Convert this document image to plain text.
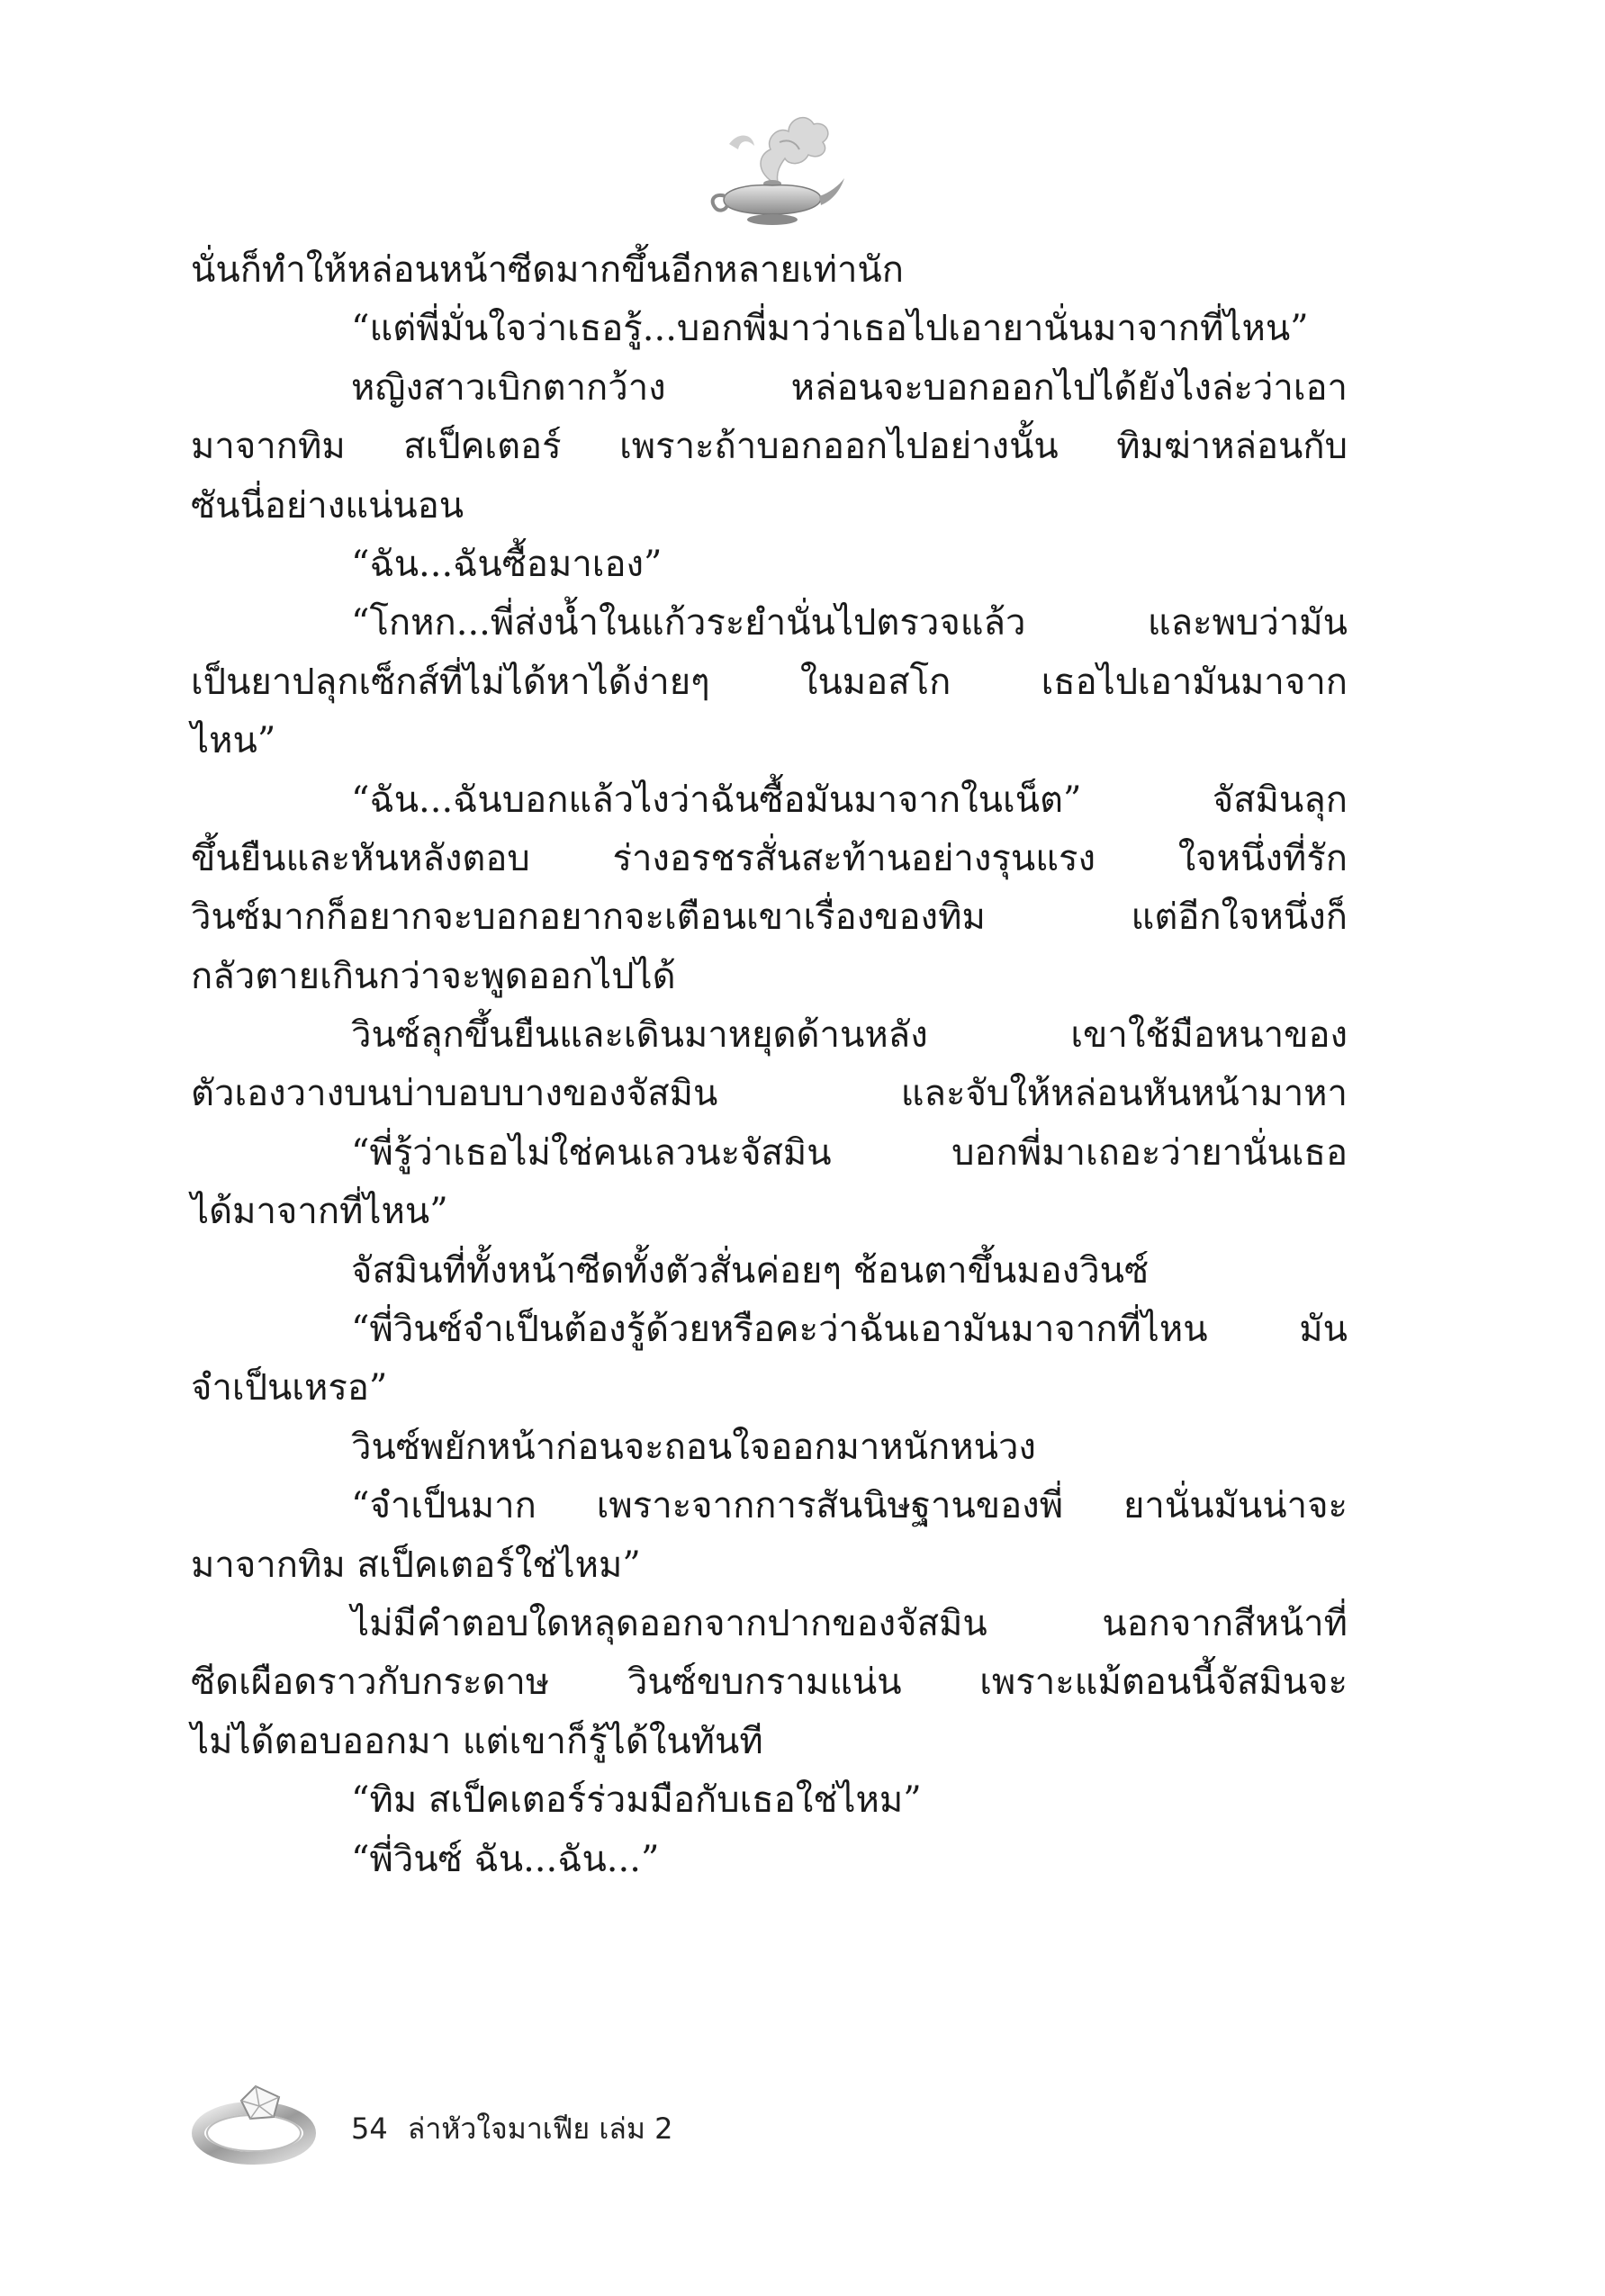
นั่นก็ทำให้หล่อนหน้าซีดมากขึ้นอีกหลายเท่านัก
“แต่พี่มั่นใจว่าเธอรู้...บอกพี่มาว่าเธอไปเอายานั่นมาจากที่ไหน”
หญิงสาวเบิกตากว้าง หล่อนจะบอกออกไปได้ยังไงล่ะว่าเอา
มาจากทิม สเป็คเตอร์ เพราะถ้าบอกออกไปอย่างนั้น ทิมฆ่าหล่อนกับ
ซันนี่อย่างแน่นอน
“ฉัน...ฉันซื้อมาเอง”
“โกหก...พี่ส่งน้ำในแก้วระยำนั่นไปตรวจแล้ว และพบว่ามัน
เป็นยาปลุกเซ็กส์ที่ไม่ได้หาได้ง่ายๆ ในมอสโก เธอไปเอามันมาจาก
ไหน”
“ฉัน...ฉันบอกแล้วไงว่าฉันซื้อมันมาจากในเน็ต” จัสมินลุก
ขึ้นยืนและหันหลังตอบ ร่างอรชรสั่นสะท้านอย่างรุนแรง ใจหนึ่งที่รัก
วินซ์มากก็อยากจะบอกอยากจะเตือนเขาเรื่องของทิม แต่อีกใจหนึ่งก็
กลัวตายเกินกว่าจะพูดออกไปได้
วินซ์ลุกขึ้นยืนและเดินมาหยุดด้านหลัง เขาใช้มือหนาของ
ตัวเองวางบนบ่าบอบบางของจัสมิน และจับให้หล่อนหันหน้ามาหา
“พี่รู้ว่าเธอไม่ใช่คนเลวนะจัสมิน บอกพี่มาเถอะว่ายานั่นเธอ
ได้มาจากที่ไหน”
จัสมินที่ทั้งหน้าซีดทั้งตัวสั่นค่อยๆ ช้อนตาขึ้นมองวินซ์
“พี่วินซ์จำเป็นต้องรู้ด้วยหรือคะว่าฉันเอามันมาจากที่ไหน มัน
จำเป็นเหรอ”
วินซ์พยักหน้าก่อนจะถอนใจออกมาหนักหน่วง
“จำเป็นมาก เพราะจากการสันนิษฐานของพี่ ยานั่นมันน่าจะ
มาจากทิม สเป็คเตอร์ใช่ไหม”
ไม่มีคำตอบใดหลุดออกจากปากของจัสมิน นอกจากสีหน้าที่
ซีดเผือดราวกับกระดาษ วินซ์ขบกรามแน่น เพราะแม้ตอนนี้จัสมินจะ
ไม่ได้ตอบออกมา แต่เขาก็รู้ได้ในทันที
“ทิม สเป็คเตอร์ร่วมมือกับเธอใช่ไหม”
“พี่วินซ์ ฉัน...ฉัน...”
54 ล่าหัวใจมาเฟีย เล่ม 2
